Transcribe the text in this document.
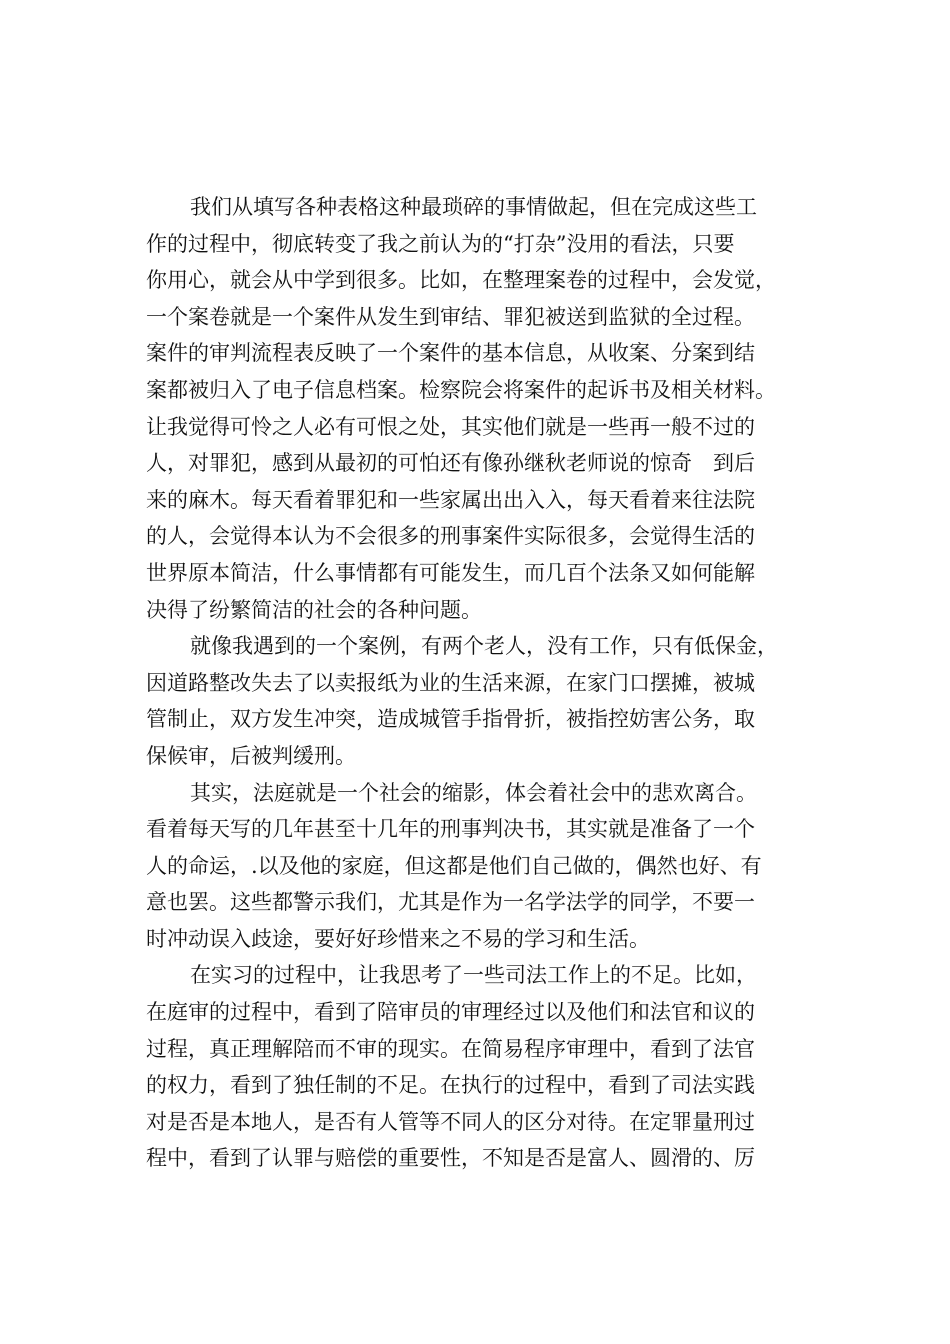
我们从填写各种表格这种最琐碎的事情做起，但在完成这些工
作的过程中，彻底转变了我之前认为的“打杂”没用的看法，只要
你用心，就会从中学到很多。比如，在整理案卷的过程中，会发觉，
一个案卷就是一个案件从发生到审结、罪犯被送到监狱的全过程。
案件的审判流程表反映了一个案件的基本信息，从收案、分案到结
案都被归入了电子信息档案。检察院会将案件的起诉书及相关材料。
让我觉得可怜之人必有可恨之处，其实他们就是一些再一般不过的
人，对罪犯，感到从最初的可怕还有像孙继秋老师说的惊奇　到后
来的麻木。每天看着罪犯和一些家属出出入入，每天看着来往法院
的人，会觉得本认为不会很多的刑事案件实际很多，会觉得生活的
世界原本简洁，什么事情都有可能发生，而几百个法条又如何能解
决得了纷繁简洁的社会的各种问题。
就像我遇到的一个案例，有两个老人，没有工作，只有低保金，
因道路整改失去了以卖报纸为业的生活来源，在家门口摆摊，被城
管制止，双方发生冲突，造成城管手指骨折，被指控妨害公务，取
保候审，后被判缓刑。
其实，法庭就是一个社会的缩影，体会着社会中的悲欢离合。
看着每天写的几年甚至十几年的刑事判决书，其实就是准备了一个
人的命运，.以及他的家庭，但这都是他们自己做的，偶然也好、有
意也罢。这些都警示我们，尤其是作为一名学法学的同学，不要一
时冲动误入歧途，要好好珍惜来之不易的学习和生活。
在实习的过程中，让我思考了一些司法工作上的不足。比如，
在庭审的过程中，看到了陪审员的审理经过以及他们和法官和议的
过程，真正理解陪而不审的现实。在简易程序审理中，看到了法官
的权力，看到了独任制的不足。在执行的过程中，看到了司法实践
对是否是本地人，是否有人管等不同人的区分对待。在定罪量刑过
程中，看到了认罪与赔偿的重要性，不知是否是富人、圆滑的、厉
